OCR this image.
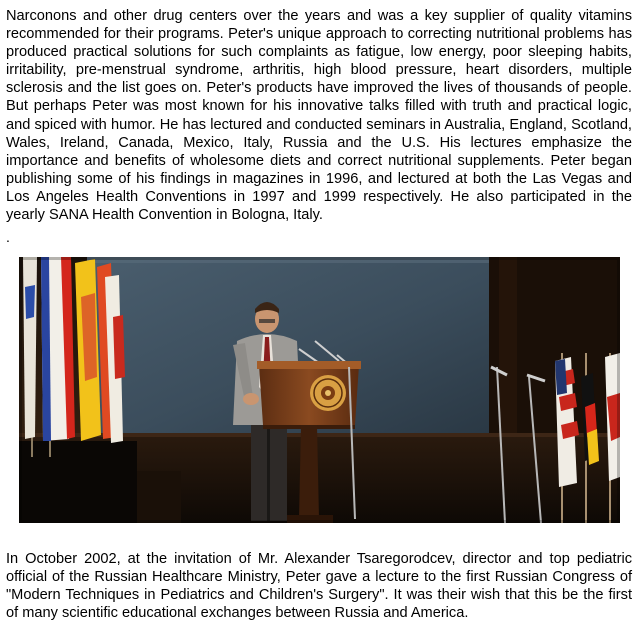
Narconons and other drug centers over the years and was a key supplier of quality vitamins recommended for their programs. Peter's unique approach to correcting nutritional problems has produced practical solutions for such complaints as fatigue, low energy, poor sleeping habits, irritability, pre-menstrual syndrome, arthritis, high blood pressure, heart disorders, multiple sclerosis and the list goes on. Peter's products have improved the lives of thousands of people. But perhaps Peter was most known for his innovative talks filled with truth and practical logic, and spiced with humor. He has lectured and conducted seminars in Australia, England, Scotland, Wales, Ireland, Canada, Mexico, Italy, Russia and the U.S. His lectures emphasize the importance and benefits of wholesome diets and correct nutritional supplements. Peter began publishing some of his findings in magazines in 1996, and lectured at both the Las Vegas and Los Angeles Health Conventions in 1997 and 1999 respectively. He also participated in the yearly SANA Health Convention in Bologna, Italy.

.

In October 2002, at the invitation of Mr. Alexander Tsaregorodcev, director and top pediatric official of the Russian Healthcare Ministry, Peter gave a lecture to the first Russian Congress of "Modern Techniques in Pediatrics and Children's Surgery". It was their wish that this be the first of many scientific educational exchanges between Russia and America.
